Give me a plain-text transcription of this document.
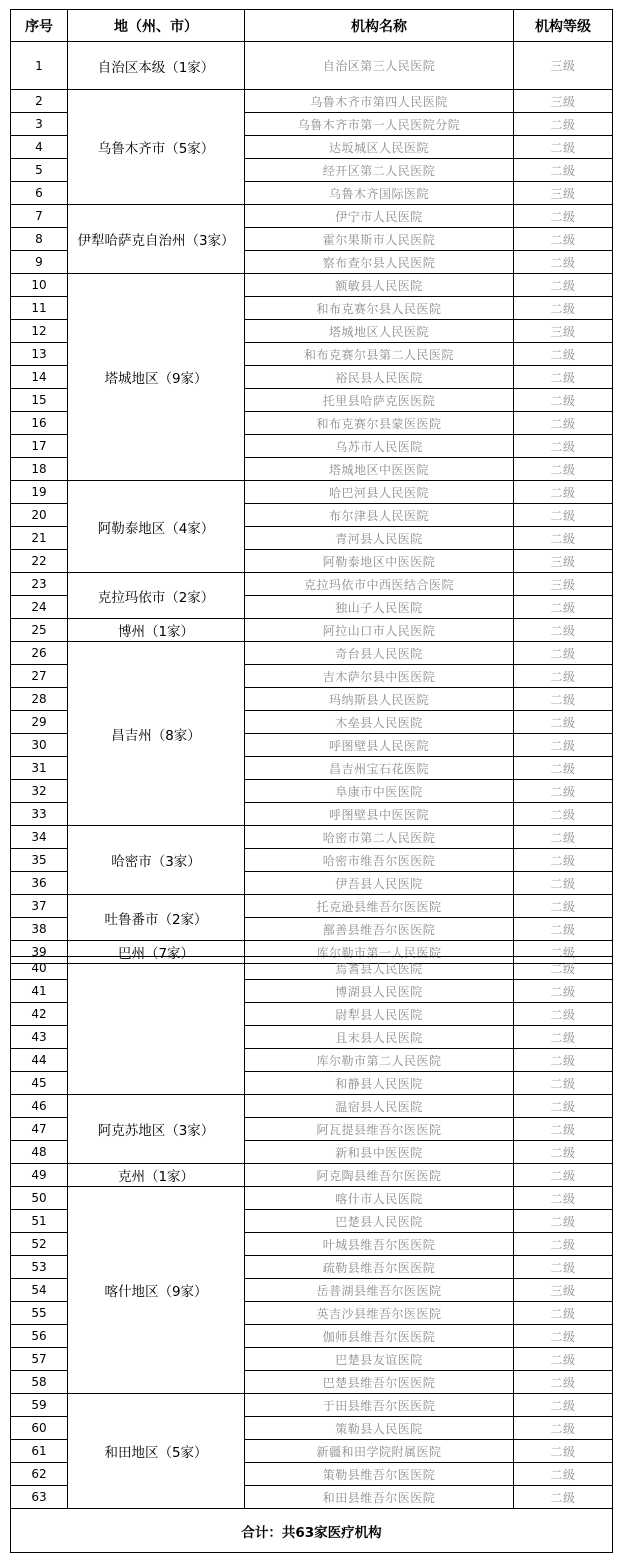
序号	地（州、市）	机构名称	机构等级
1	自治区本级（1家）	自治区第三人民医院	三级
2	乌鲁木齐市（5家）	乌鲁木齐市第四人民医院	三级
3		乌鲁木齐市第一人民医院分院	二级
4		达坂城区人民医院	二级
5		经开区第二人民医院	二级
6		乌鲁木齐国际医院	三级
7	伊犁哈萨克自治州（3家）	伊宁市人民医院	二级
8		霍尔果斯市人民医院	二级
9		察布查尔县人民医院	二级
10	塔城地区（9家）	额敏县人民医院	二级
11		和布克赛尔县人民医院	二级
12		塔城地区人民医院	三级
13		和布克赛尔县第二人民医院	二级
14		裕民县人民医院	二级
15		托里县哈萨克医医院	二级
16		和布克赛尔县蒙医医院	二级
17		乌苏市人民医院	二级
18		塔城地区中医医院	二级
19	阿勒泰地区（4家）	哈巴河县人民医院	二级
20		布尔津县人民医院	二级
21		青河县人民医院	二级
22		阿勒泰地区中医医院	三级
23	克拉玛依市（2家）	克拉玛依市中西医结合医院	三级
24		独山子人民医院	二级
25	博州（1家）	阿拉山口市人民医院	二级
26	昌吉州（8家）	奇台县人民医院	二级
27		吉木萨尔县中医医院	二级
28		玛纳斯县人民医院	二级
29		木垒县人民医院	二级
30		呼图壁县人民医院	二级
31		昌吉州宝石花医院	二级
32		阜康市中医医院	二级
33		呼图壁县中医医院	二级
34	哈密市（3家）	哈密市第二人民医院	二级
35		哈密市维吾尔医医院	二级
36		伊吾县人民医院	二级
37	吐鲁番市（2家）	托克逊县维吾尔医医院	二级
38		鄯善县维吾尔医医院	二级
39	巴州（7家）	库尔勒市第一人民医院	二级
40		焉耆县人民医院	二级
41		博湖县人民医院	二级
42		尉犁县人民医院	二级
43		且末县人民医院	二级
44		库尔勒市第二人民医院	二级
45		和静县人民医院	二级
46	阿克苏地区（3家）	温宿县人民医院	二级
47		阿瓦提县维吾尔医医院	二级
48		新和县中医医院	二级
49	克州（1家）	阿克陶县维吾尔医医院	二级
50	喀什地区（9家）	喀什市人民医院	二级
51		巴楚县人民医院	二级
52		叶城县维吾尔医医院	二级
53		疏勒县维吾尔医医院	二级
54		岳普湖县维吾尔医医院	三级
55		英吉沙县维吾尔医医院	二级
56		伽师县维吾尔医医院	二级
57		巴楚县友谊医院	二级
58		巴楚县维吾尔医医院	二级
59	和田地区（5家）	于田县维吾尔医医院	二级
60		策勒县人民医院	二级
61		新疆和田学院附属医院	二级
62		策勒县维吾尔医医院	二级
63		和田县维吾尔医医院	二级
合计：共63家医疗机构			
